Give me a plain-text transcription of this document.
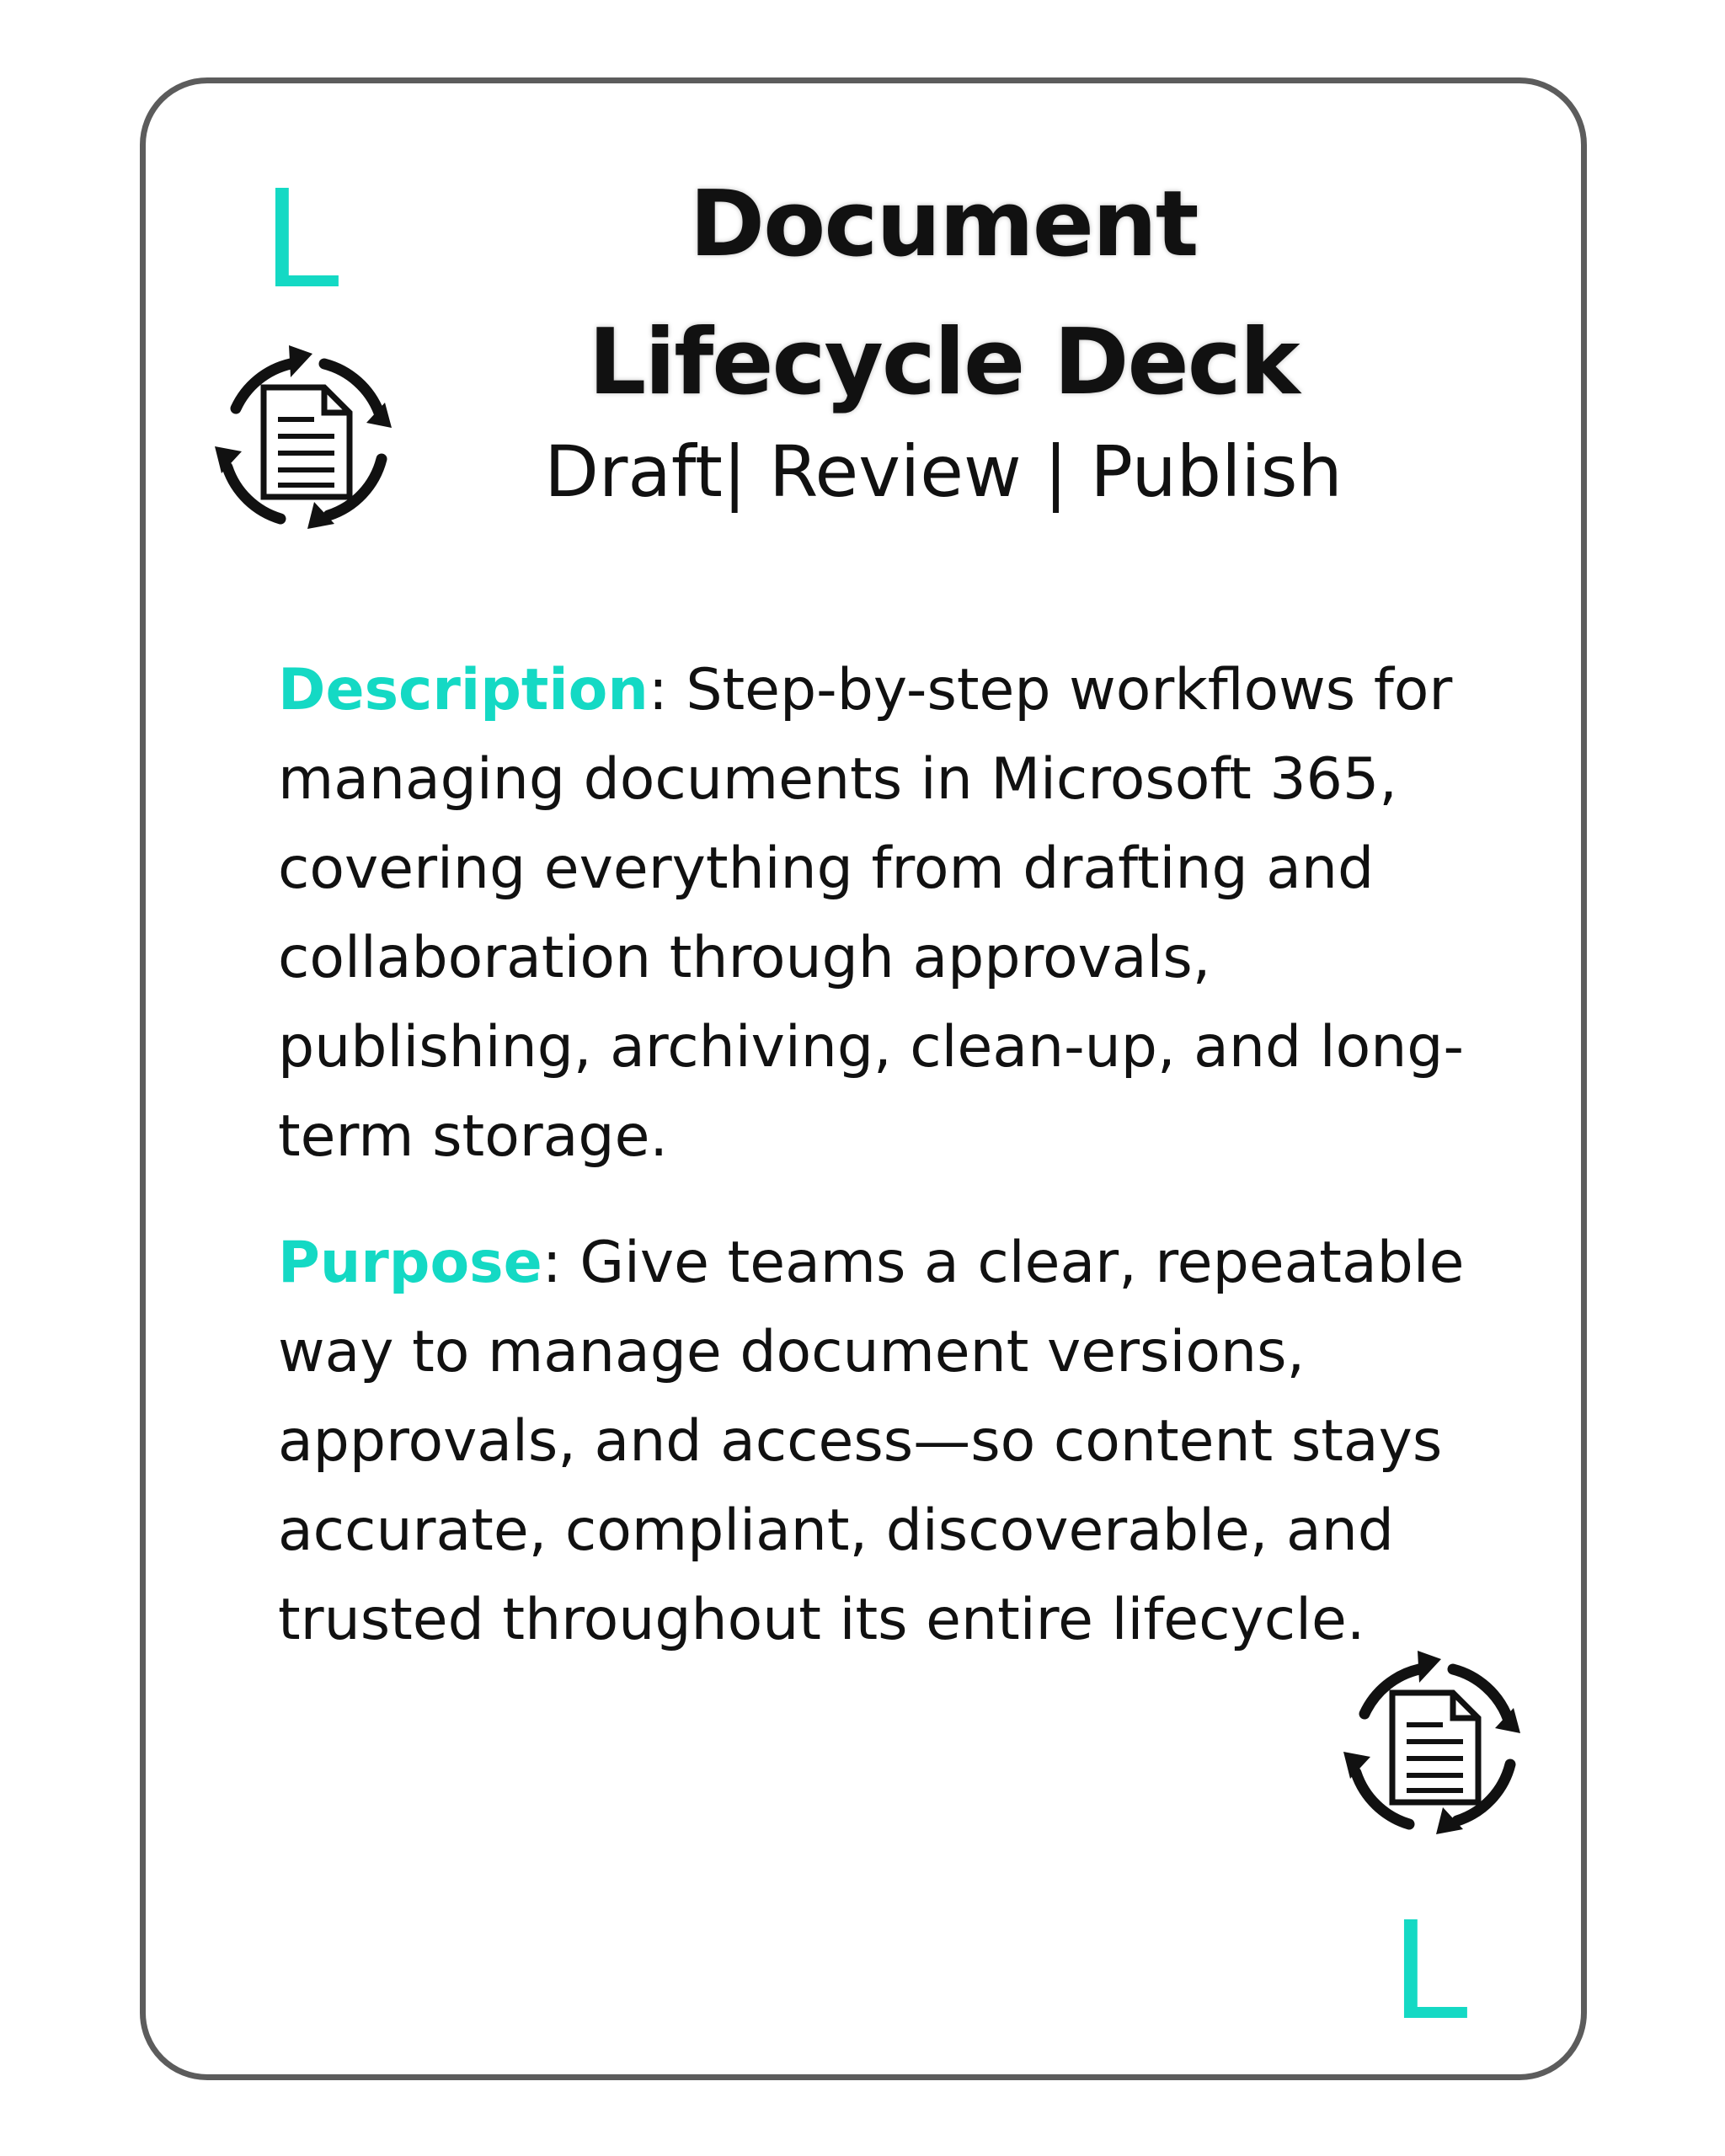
L
L
Document
Lifecycle Deck
Draft| Review | Publish
Description: Step-by-step workflows for managing documents in Microsoft 365, covering everything from drafting and collaboration through approvals, publishing, archiving, clean-up, and long-term storage.
Purpose: Give teams a clear, repeatable way to manage document versions, approvals, and access—so content stays accurate, compliant, discoverable, and trusted throughout its entire lifecycle.
